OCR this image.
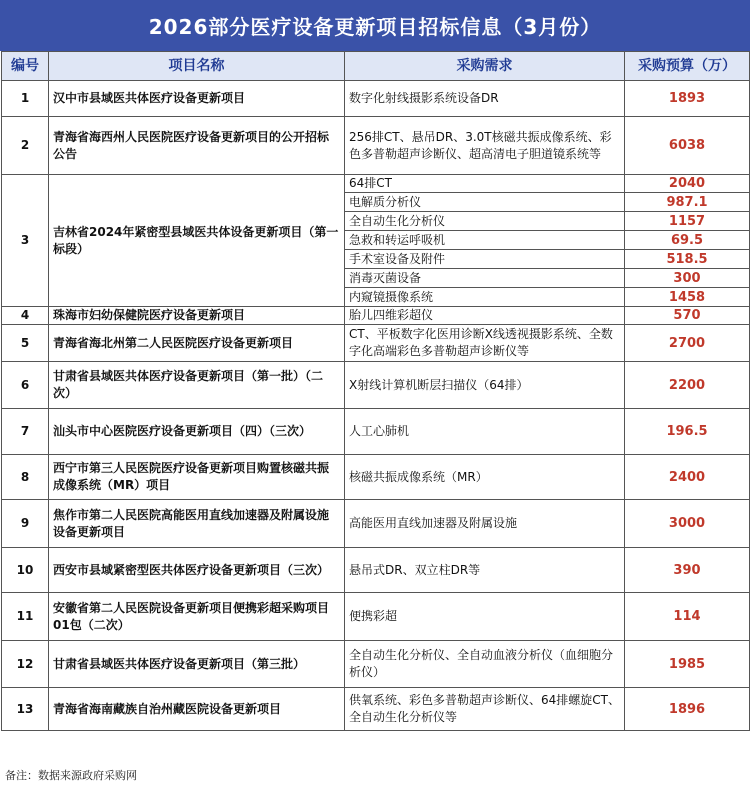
2026部分医疗设备更新项目招标信息（3月份）
编号	项目名称	采购需求	采购预算（万）
1	汉中市县域医共体医疗设备更新项目	数字化射线摄影系统设备DR	1893
2	青海省海西州人民医院医疗设备更新项目的公开招标公告	256排CT、悬吊DR、3.0T核磁共振成像系统、彩色多普勒超声诊断仪、超高清电子胆道镜系统等	6038
3	吉林省2024年紧密型县域医共体设备更新项目（第一标段）	64排CT	2040
		电解质分析仪	987.1
		全自动生化分析仪	1157
		急救和转运呼吸机	69.5
		手术室设备及附件	518.5
		消毒灭菌设备	300
		内窥镜摄像系统	1458
4	珠海市妇幼保健院医疗设备更新项目	胎儿四维彩超仪	570
5	青海省海北州第二人民医院医疗设备更新项目	CT、平板数字化医用诊断X线透视摄影系统、全数字化高端彩色多普勒超声诊断仪等	2700
6	甘肃省县域医共体医疗设备更新项目（第一批）（二次）	X射线计算机断层扫描仪（64排）	2200
7	汕头市中心医院医疗设备更新项目（四）（三次）	人工心肺机	196.5
8	西宁市第三人民医院医疗设备更新项目购置核磁共振成像系统（MR）项目	核磁共振成像系统（MR）	2400
9	焦作市第二人民医院高能医用直线加速器及附属设施设备更新项目	高能医用直线加速器及附属设施	3000
10	西安市县域紧密型医共体医疗设备更新项目（三次）	悬吊式DR、双立柱DR等	390
11	安徽省第二人民医院设备更新项目便携彩超采购项目01包（二次）	便携彩超	114
12	甘肃省县域医共体医疗设备更新项目（第三批）	全自动生化分析仪、全自动血液分析仪（血细胞分析仪）	1985
13	青海省海南藏族自治州藏医院设备更新项目	供氧系统、彩色多普勒超声诊断仪、64排螺旋CT、全自动生化分析仪等	1896
备注：数据来源政府采购网
